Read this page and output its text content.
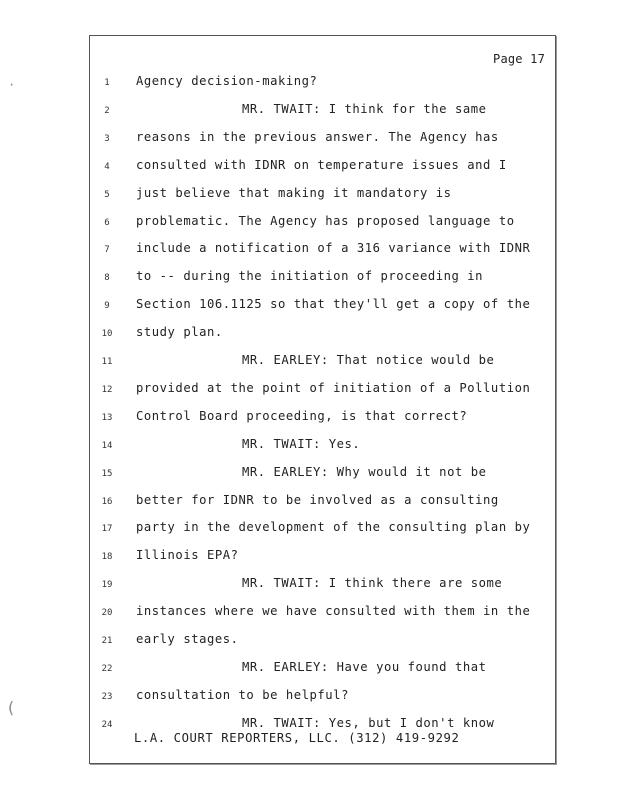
Page 17
1	Agency decision-making?
2	MR. TWAIT: I think for the same
3	reasons in the previous answer. The Agency has
4	consulted with IDNR on temperature issues and I
5	just believe that making it mandatory is
6	problematic. The Agency has proposed language to
7	include a notification of a 316 variance with IDNR
8	to -- during the initiation of proceeding in
9	Section 106.1125 so that they'll get a copy of the
10	study plan.
11	MR. EARLEY: That notice would be
12	provided at the point of initiation of a Pollution
13	Control Board proceeding, is that correct?
14	MR. TWAIT: Yes.
15	MR. EARLEY: Why would it not be
16	better for IDNR to be involved as a consulting
17	party in the development of the consulting plan by
18	Illinois EPA?
19	MR. TWAIT: I think there are some
20	instances where we have consulted with them in the
21	early stages.
22	MR. EARLEY: Have you found that
23	consultation to be helpful?
24	MR. TWAIT: Yes, but I don't know
L.A. COURT REPORTERS, LLC. (312) 419-9292
·
(
